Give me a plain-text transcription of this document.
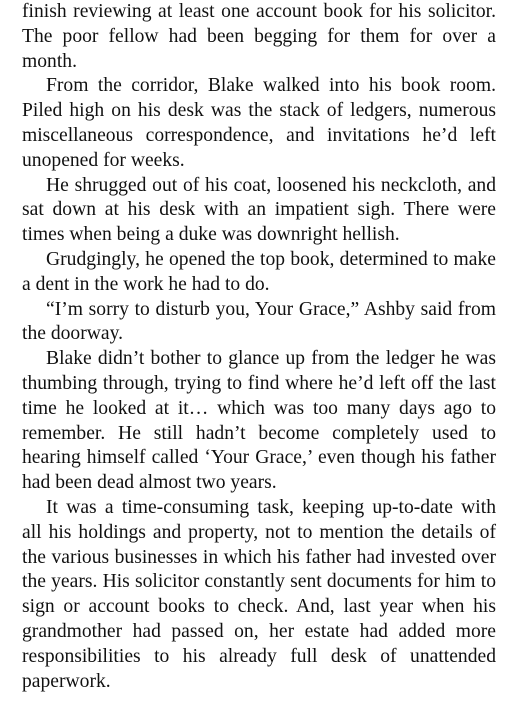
finish reviewing at least one account book for his solicitor. The poor fellow had been begging for them for over a month.

From the corridor, Blake walked into his book room. Piled high on his desk was the stack of ledgers, numerous miscellaneous correspondence, and invitations he’d left unopened for weeks.

He shrugged out of his coat, loosened his neckcloth, and sat down at his desk with an impatient sigh. There were times when being a duke was downright hellish.

Grudgingly, he opened the top book, determined to make a dent in the work he had to do.

“I’m sorry to disturb you, Your Grace,” Ashby said from the doorway.

Blake didn’t bother to glance up from the ledger he was thumbing through, trying to find where he’d left off the last time he looked at it… which was too many days ago to remember. He still hadn’t become completely used to hearing himself called ‘Your Grace,’ even though his father had been dead almost two years.

It was a time-consuming task, keeping up-to-date with all his holdings and property, not to mention the details of the various businesses in which his father had invested over the years. His solicitor constantly sent documents for him to sign or account books to check. And, last year when his grandmother had passed on, her estate had added more responsibilities to his already full desk of unattended paperwork.
